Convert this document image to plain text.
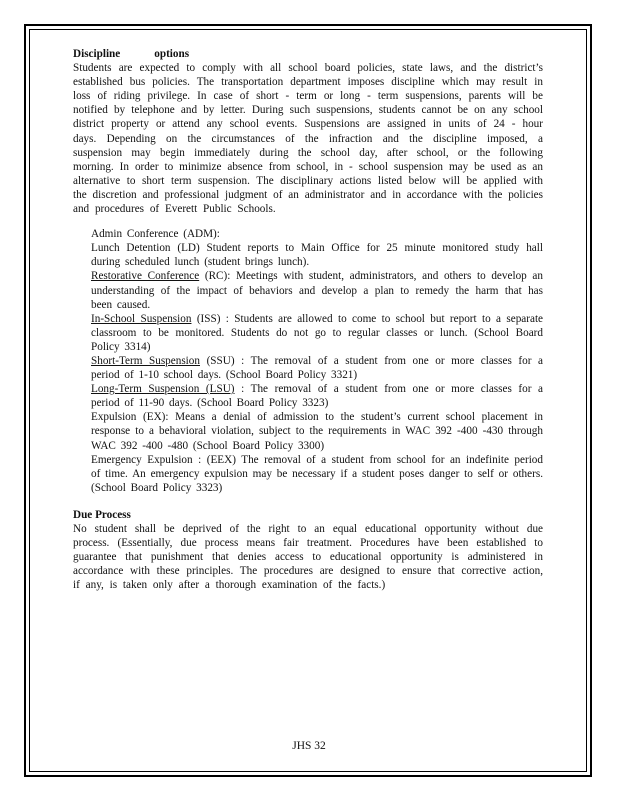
Discipline	options

Students are expected to comply with all school board policies, state laws, and the district’s established bus policies. The transportation department imposes discipline which may result in loss of riding privilege. In case of short - term or long - term suspensions, parents will be notified by telephone and by letter. During such suspensions, students cannot be on any school district property or attend any school events. Suspensions are assigned in units of 24 - hour days. Depending on the circumstances of the infraction and the discipline imposed, a suspension may begin immediately during the school day, after school, or the following morning. In order to minimize absence from school, in - school suspension may be used as an alternative to short term suspension. The disciplinary actions listed below will be applied with the discretion and professional judgment of an administrator and in accordance with the policies and procedures of Everett Public Schools.

Admin Conference (ADM):
Lunch Detention (LD) Student reports to Main Office for 25 minute monitored study hall during scheduled lunch (student brings lunch).
Restorative Conference (RC): Meetings with student, administrators, and others to develop an understanding of the impact of behaviors and develop a plan to remedy the harm that has been caused.
In-School Suspension (ISS) : Students are allowed to come to school but report to a separate classroom to be monitored. Students do not go to regular classes or lunch. (School Board Policy 3314)
Short-Term Suspension (SSU) : The removal of a student from one or more classes for a period of 1-10 school days. (School Board Policy 3321)
Long-Term Suspension (LSU) : The removal of a student from one or more classes for a period of 11-90 days. (School Board Policy 3323)
Expulsion (EX): Means a denial of admission to the student’s current school placement in response to a behavioral violation, subject to the requirements in WAC 392 -400 -430 through WAC 392 -400 -480 (School Board Policy 3300)
Emergency Expulsion : (EEX) The removal of a student from school for an indefinite period of time. An emergency expulsion may be necessary if a student poses danger to self or others. (School Board Policy 3323)
Due Process

No student shall be deprived of the right to an equal educational opportunity without due process. (Essentially, due process means fair treatment. Procedures have been established to guarantee that punishment that denies access to educational opportunity is administered in accordance with these principles. The procedures are designed to ensure that corrective action, if any, is taken only after a thorough examination of the facts.)

JHS 32
